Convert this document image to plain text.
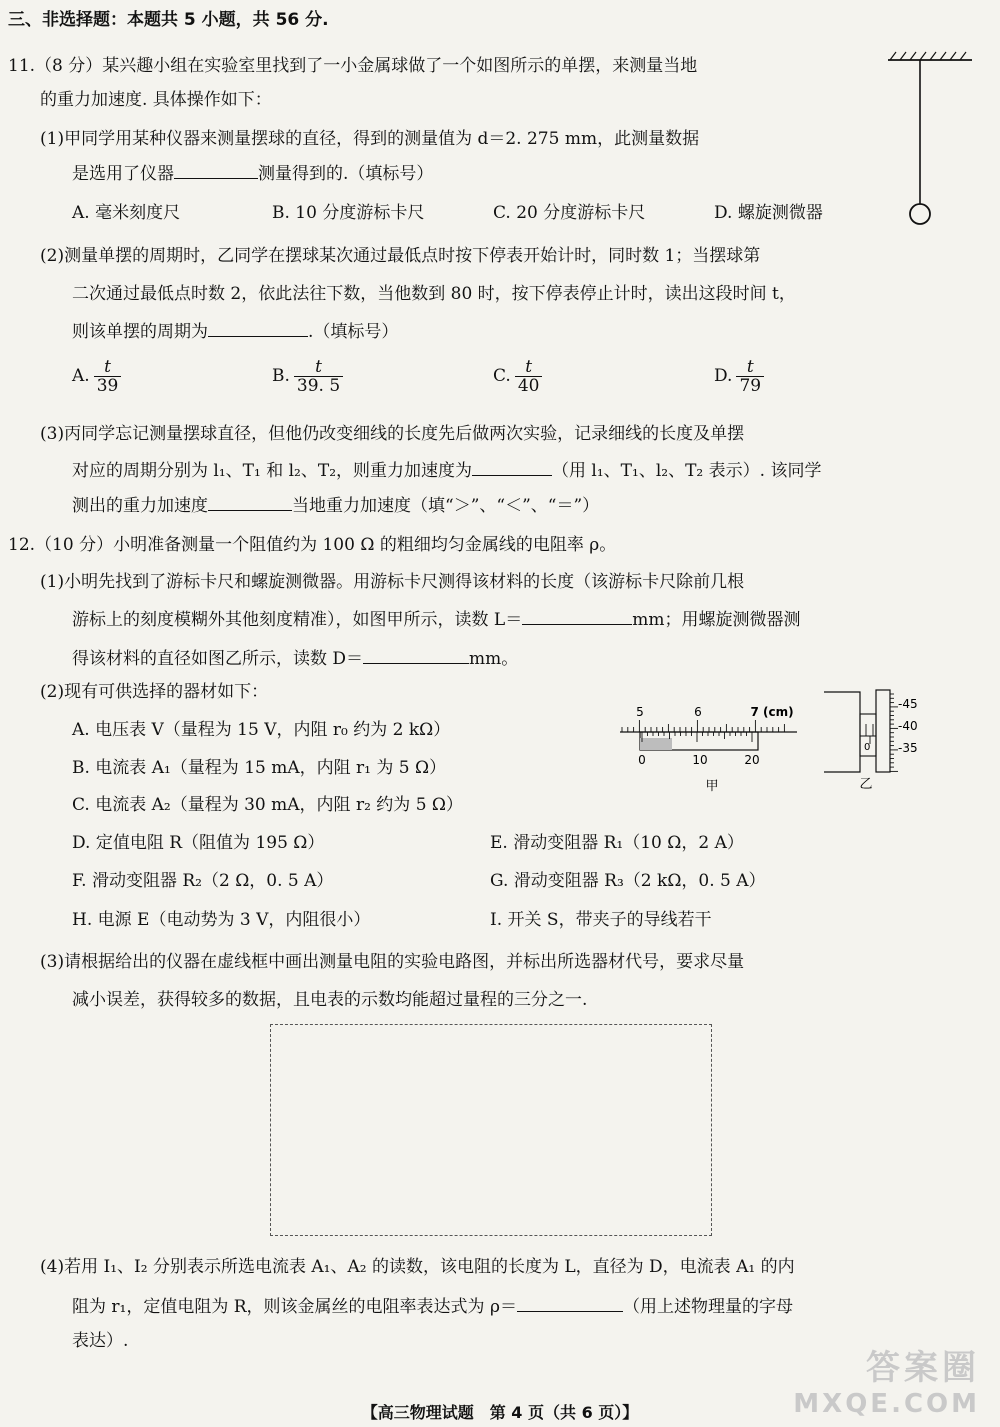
三、非选择题：本题共 5 小题，共 56 分.
11.（8 分）某兴趣小组在实验室里找到了一小金属球做了一个如图所示的单摆，来测量当地
的重力加速度. 具体操作如下：
(1)甲同学用某种仪器来测量摆球的直径，得到的测量值为 d＝2. 275 mm，此测量数据
是选用了仪器	测量得到的.（填标号）
A. 毫米刻度尺	B. 10 分度游标卡尺	C. 20 分度游标卡尺	D. 螺旋测微器
(2)测量单摆的周期时，乙同学在摆球某次通过最低点时按下停表开始计时，同时数 1；当摆球第
二次通过最低点时数 2，依此法往下数，当他数到 80 时，按下停表停止计时，读出这段时间 t，
则该单摆的周期为	.（填标号）
A. $\frac{t}{39}$	B. $\frac{t}{39. 5}$	C. $\frac{t}{40}$	D. $\frac{t}{79}$
(3)丙同学忘记测量摆球直径，但他仍改变细线的长度先后做两次实验，记录细线的长度及单摆
对应的周期分别为 l₁、T₁ 和 l₂、T₂，则重力加速度为	（用 l₁、T₁、l₂、T₂ 表示）. 该同学
测出的重力加速度	当地重力加速度（填“＞”、“＜”、“＝”）
12.（10 分）小明准备测量一个阻值约为 100 Ω 的粗细均匀金属线的电阻率 ρ。
(1)小明先找到了游标卡尺和螺旋测微器。用游标卡尺测得该材料的长度（该游标卡尺除前几根
游标上的刻度模糊外其他刻度精准），如图甲所示，读数 L＝	mm；用螺旋测微器测
得该材料的直径如图乙所示，读数 D＝	mm。
(2)现有可供选择的器材如下：
A. 电压表 V（量程为 15 V，内阻 r₀ 约为 2 kΩ）
B. 电流表 A₁（量程为 15 mA，内阻 r₁ 为 5 Ω）
C. 电流表 A₂（量程为 30 mA，内阻 r₂ 约为 5 Ω）
D. 定值电阻 R（阻值为 195 Ω）	E. 滑动变阻器 R₁（10 Ω，2 A）
F. 滑动变阻器 R₂（2 Ω，0. 5 A）	G. 滑动变阻器 R₃（2 kΩ，0. 5 A）
H. 电源 E（电动势为 3 V，内阻很小）	I. 开关 S，带夹子的导线若干
5	6	7 (cm)
0	10	20
甲
0
-45
-40
-35
乙
(3)请根据给出的仪器在虚线框中画出测量电阻的实验电路图，并标出所选器材代号，要求尽量
减小误差，获得较多的数据，且电表的示数均能超过量程的三分之一.
(4)若用 I₁、I₂ 分别表示所选电流表 A₁、A₂ 的读数，该电阻的长度为 L，直径为 D，电流表 A₁ 的内
阻为 r₁，定值电阻为 R，则该金属丝的电阻率表达式为 ρ＝	（用上述物理量的字母
表达）.
【高三物理试题　第 4 页（共 6 页）】
答案圈
MXQE.COM
